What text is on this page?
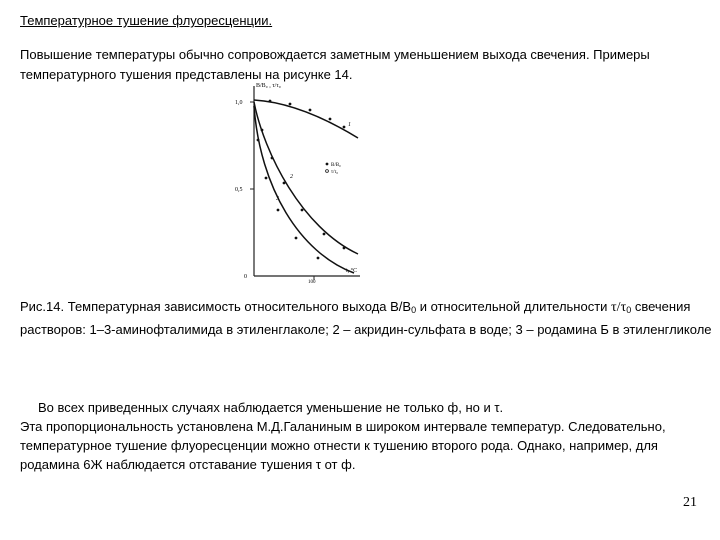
Температурное тушение флуоресценции.
Повышение температуры обычно сопровождается заметным уменьшением выхода свечения. Примеры
температурного тушения представлены на рисунке 14.
B/B₀ , τ/τ₀
1,0
0,5
0
100
t, °C
1
2
3
B/B₀
τ/τ₀
Рис.14. Температурная зависимость относительного выхода $В/В_0$ и относительной длительности $\tau/\tau_0$ свечения
растворов: 1–3-аминофталимида в этиленглаколе; 2 – акридин-сульфата в воде; 3 – родамина Б в этиленгликоле
Во всех приведенных случаях наблюдается уменьшение не только ф, но и τ.
Эта пропорциональность установлена М.Д.Галаниным в широком интервале температур. Следовательно,
температурное тушение флуоресценции можно отнести к тушению второго рода. Однако, например, для
родамина 6Ж наблюдается отставание тушения τ от ф.
21
